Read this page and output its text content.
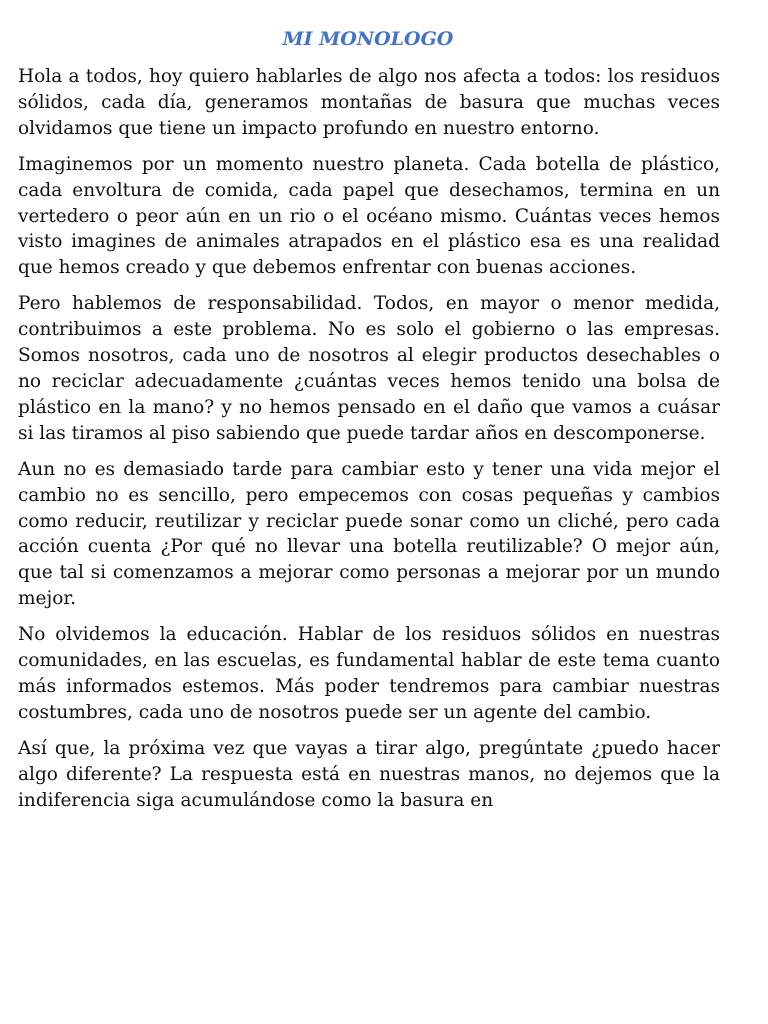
MI MONOLOGO

Hola a todos, hoy quiero hablarles de algo nos afecta a todos: los residuos sólidos, cada día, generamos montañas de basura que muchas veces olvidamos que tiene un impacto profundo en nuestro entorno.

Imaginemos por un momento nuestro planeta. Cada botella de plástico, cada envoltura de comida, cada papel que desechamos, termina en un vertedero o peor aún en un rio o el océano mismo. Cuántas veces hemos visto imagines de animales atrapados en el plástico esa es una realidad que hemos creado y que debemos enfrentar con buenas acciones.

Pero hablemos de responsabilidad. Todos, en mayor o menor medida, contribuimos a este problema. No es solo el gobierno o las empresas. Somos nosotros, cada uno de nosotros al elegir productos desechables o no reciclar adecuadamente ¿cuántas veces hemos tenido una bolsa de plástico en la mano? y no hemos pensado en el daño que vamos a cuásar si las tiramos al piso sabiendo que puede tardar años en descomponerse.

Aun no es demasiado tarde para cambiar esto y tener una vida mejor el cambio no es sencillo, pero empecemos con cosas pequeñas y cambios como reducir, reutilizar y reciclar puede sonar como un cliché, pero cada acción cuenta ¿Por qué no llevar una botella reutilizable? O mejor aún, que tal si comenzamos a mejorar como personas a mejorar por un mundo mejor.

No olvidemos la educación. Hablar de los residuos sólidos en nuestras comunidades, en las escuelas, es fundamental hablar de este tema cuanto más informados estemos. Más poder tendremos para cambiar nuestras costumbres, cada uno de nosotros puede ser un agente del cambio.

Así que, la próxima vez que vayas a tirar algo, pregúntate ¿puedo hacer algo diferente? La respuesta está en nuestras manos, no dejemos que la indiferencia siga acumulándose como la basura en
